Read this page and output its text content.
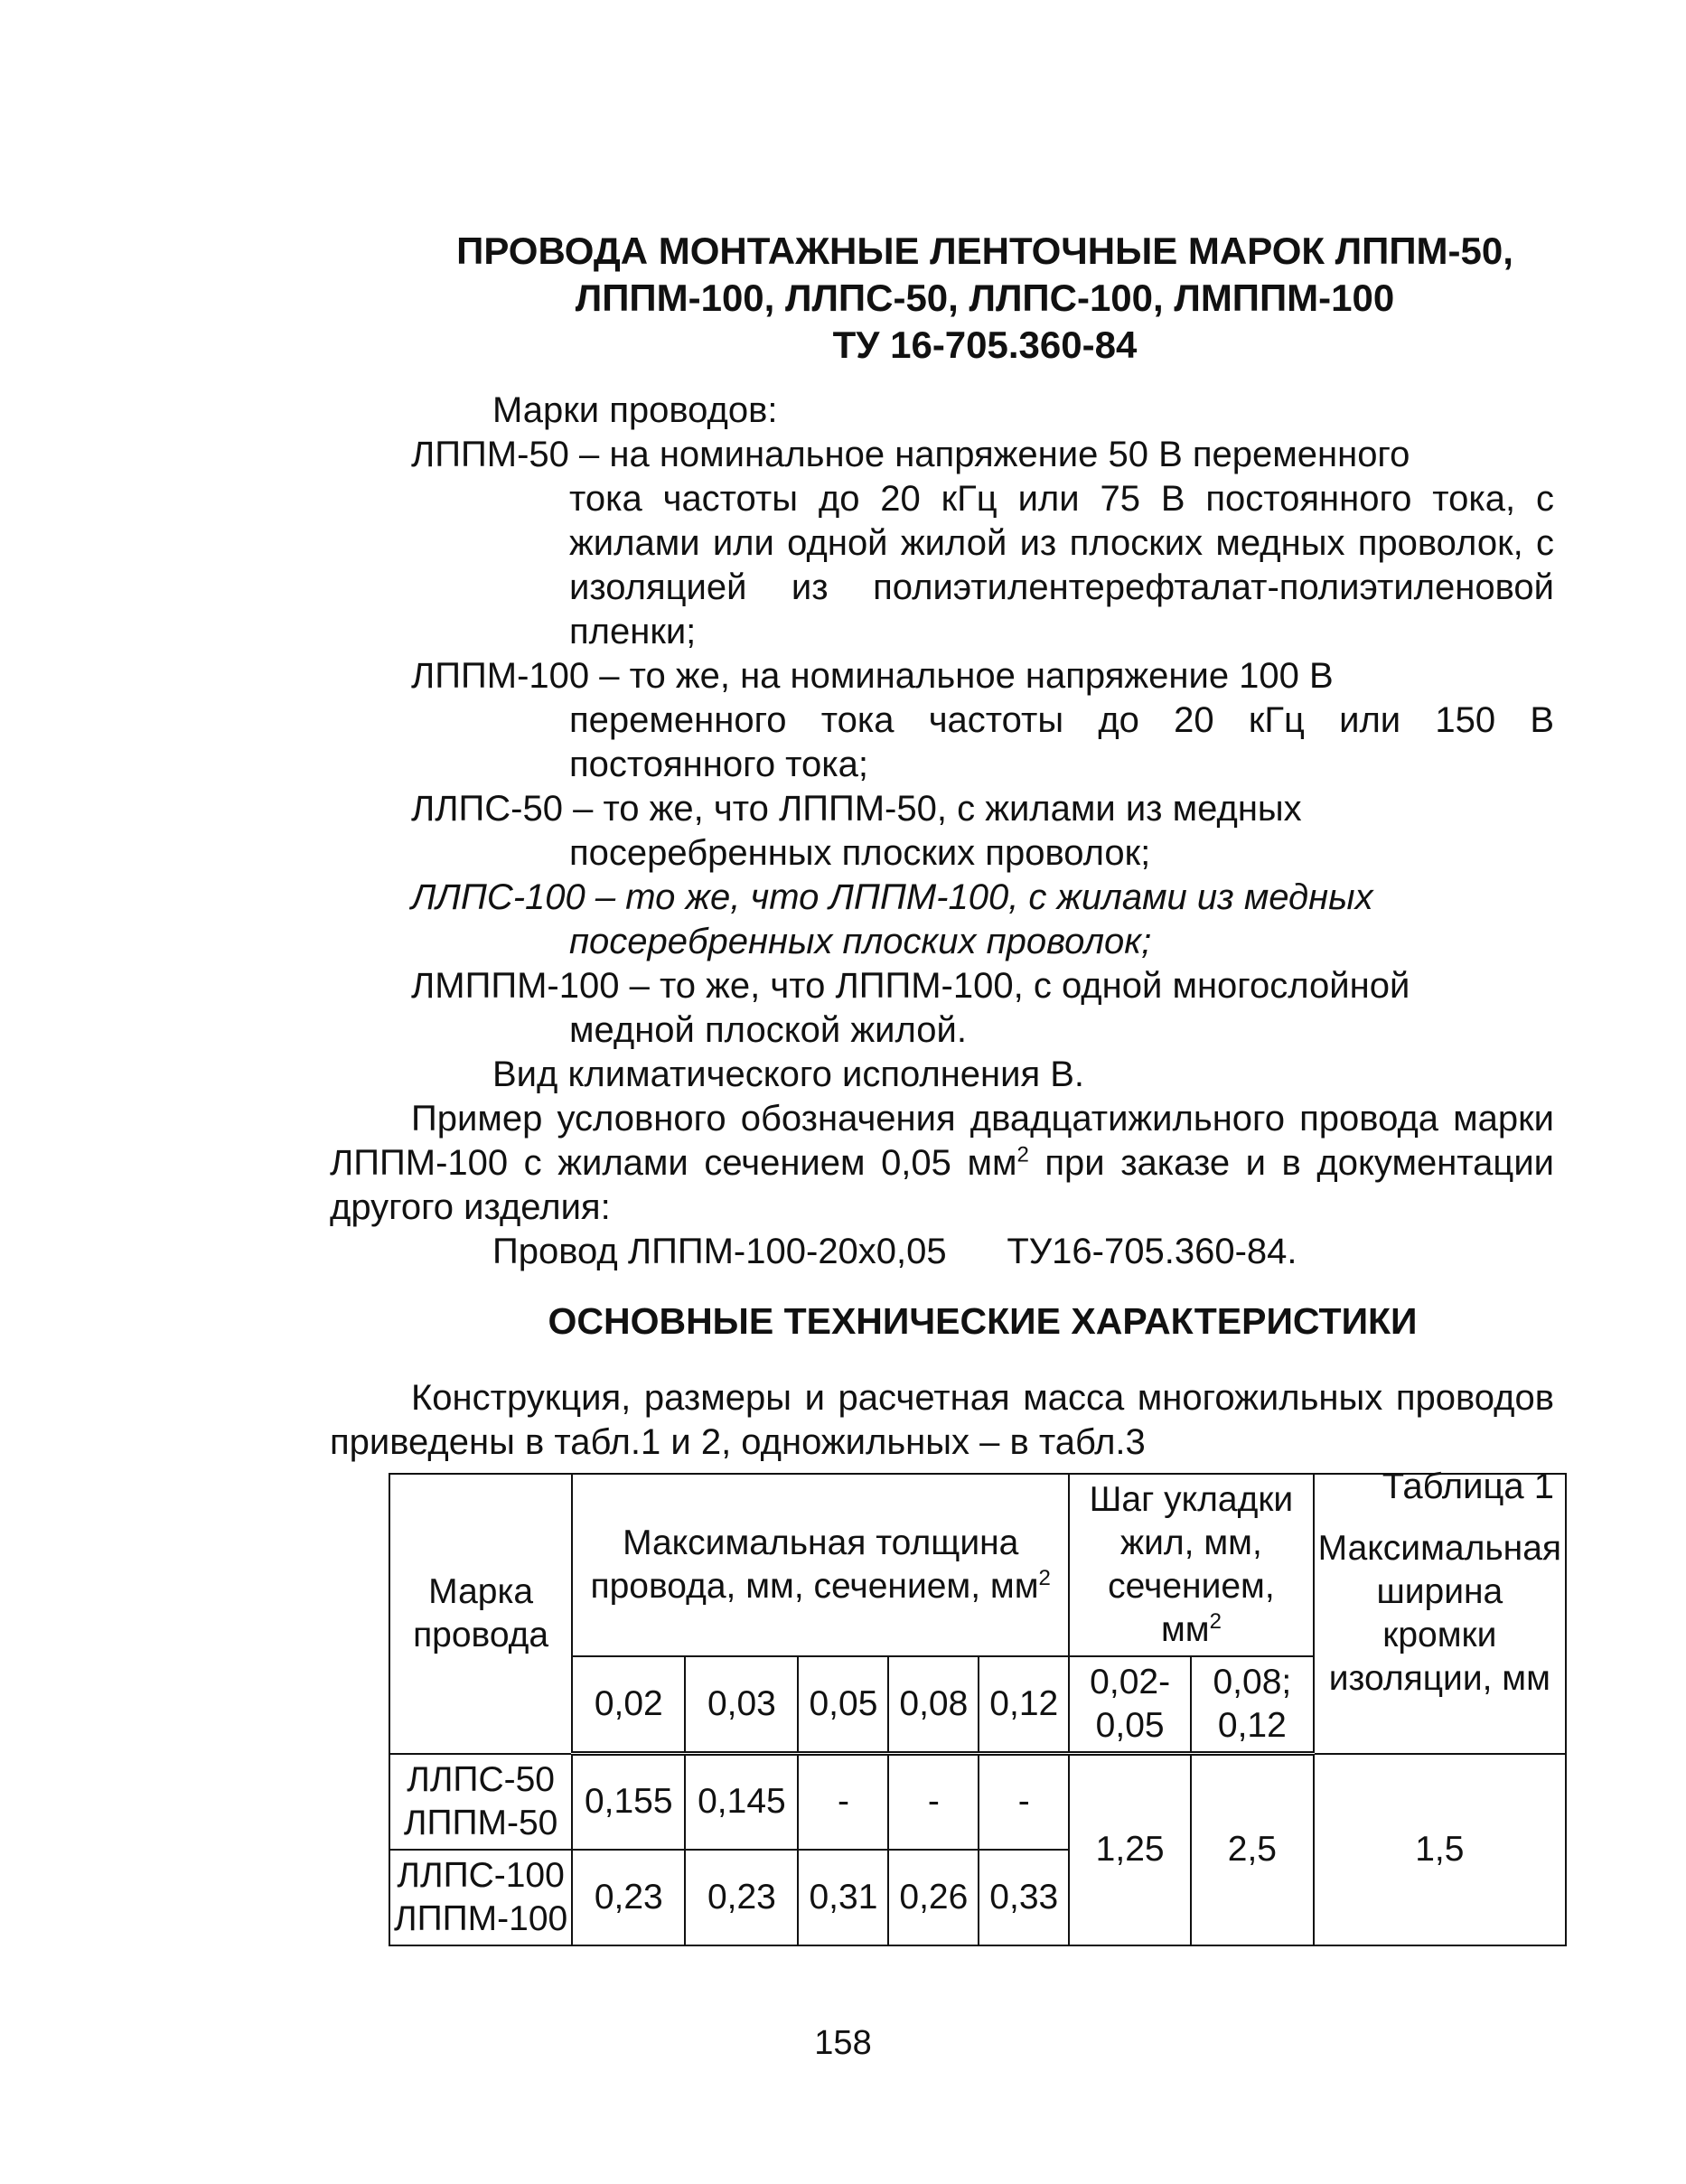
ПРОВОДА МОНТАЖНЫЕ ЛЕНТОЧНЫЕ МАРОК ЛППМ-50,
ЛППМ-100, ЛЛПС-50, ЛЛПС-100, ЛМППМ-100
ТУ 16-705.360-84

Марки проводов:

ЛППМ-50 – на номинальное напряжение 50 В переменного
тока частоты до 20 кГц или 75 В постоянного тока, с жилами или одной жилой из плоских медных проволок, с изоляцией из полиэтилентерефталат-полиэтиленовой пленки;
ЛППМ-100 – то же, на номинальное напряжение 100 В
переменного тока частоты до 20 кГц или 150 В постоянного тока;
ЛЛПС-50 – то же, что ЛППМ-50, с жилами из медных
посеребренных плоских проволок;
ЛЛПС-100 – то же, что ЛППМ-100, с жилами из медных
посеребренных плоских проволок;
ЛМППМ-100 – то же, что ЛППМ-100, с одной многослойной
медной плоской жилой.

Вид климатического исполнения В.

Пример условного обозначения двадцатижильного провода марки ЛППМ-100 с жилами сечением 0,05 $мм^2$ при заказе и в документации другого изделия:

Провод ЛППМ-100-20х0,05      ТУ16-705.360-84.

ОСНОВНЫЕ ТЕХНИЧЕСКИЕ ХАРАКТЕРИСТИКИ

Конструкция, размеры и расчетная масса многожильных проводов приведены в табл.1 и 2, одножильных – в табл.3

Таблица 1

Марка провода	Максимальная толщина провода, мм, сечением, $мм^2$					Шаг укладки жил, мм, сечением, $мм^2$		Максимальная ширина кромки изоляции, мм
	0,02	0,03	0,05	0,08	0,12	0,02-0,05	0,08; 0,12	
ЛЛПС-50 ЛППМ-50	0,155	0,145	-	-	-	1,25	2,5	1,5
ЛЛПС-100 ЛППМ-100	0,23	0,23	0,31	0,26	0,33			
158
